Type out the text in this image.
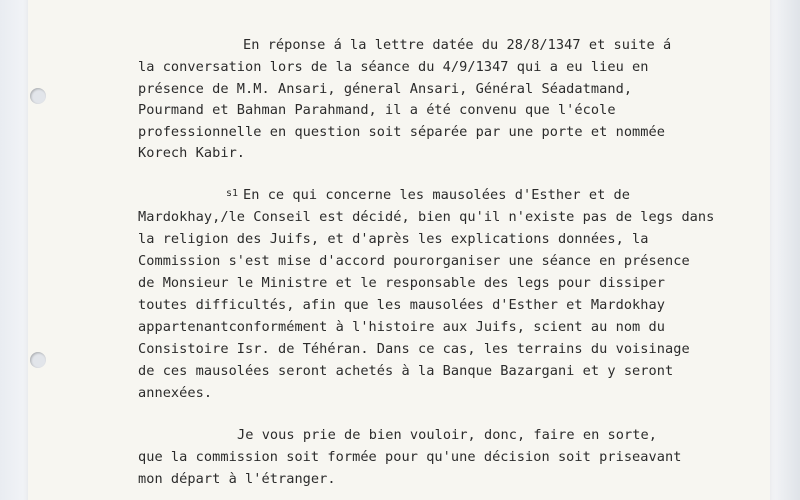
En réponse á la lettre datée du 28/8/1347 et suite á
la conversation lors de la séance du 4/9/1347 qui a eu lieu en
présence de M.M. Ansari, géneral Ansari, Général Séadatmand,
Pourmand et Bahman Parahmand, il a été convenu que l'école
professionnelle en question soit séparée par une porte et nommée
Korech Kabir.
s1 En ce qui concerne les mausolées d'Esther et de
Mardokhay,/le Conseil est décidé, bien qu'il n'existe pas de legs dans
la religion des Juifs, et d'après les explications données, la
Commission s'est mise d'accord pourorganiser une séance en présence
de Monsieur le Ministre et le responsable des legs pour dissiper
toutes difficultés, afin que les mausolées d'Esther et Mardokhay
appartenantconformément à l'histoire aux Juifs, scient au nom du
Consistoire Isr. de Téhéran. Dans ce cas, les terrains du voisinage
de ces mausolées seront achetés à la Banque Bazargani et y seront
annexées.
Je vous prie de bien vouloir, donc, faire en sorte,
que la commission soit formée pour qu'une décision soit priseavant
mon départ à l'étranger.
